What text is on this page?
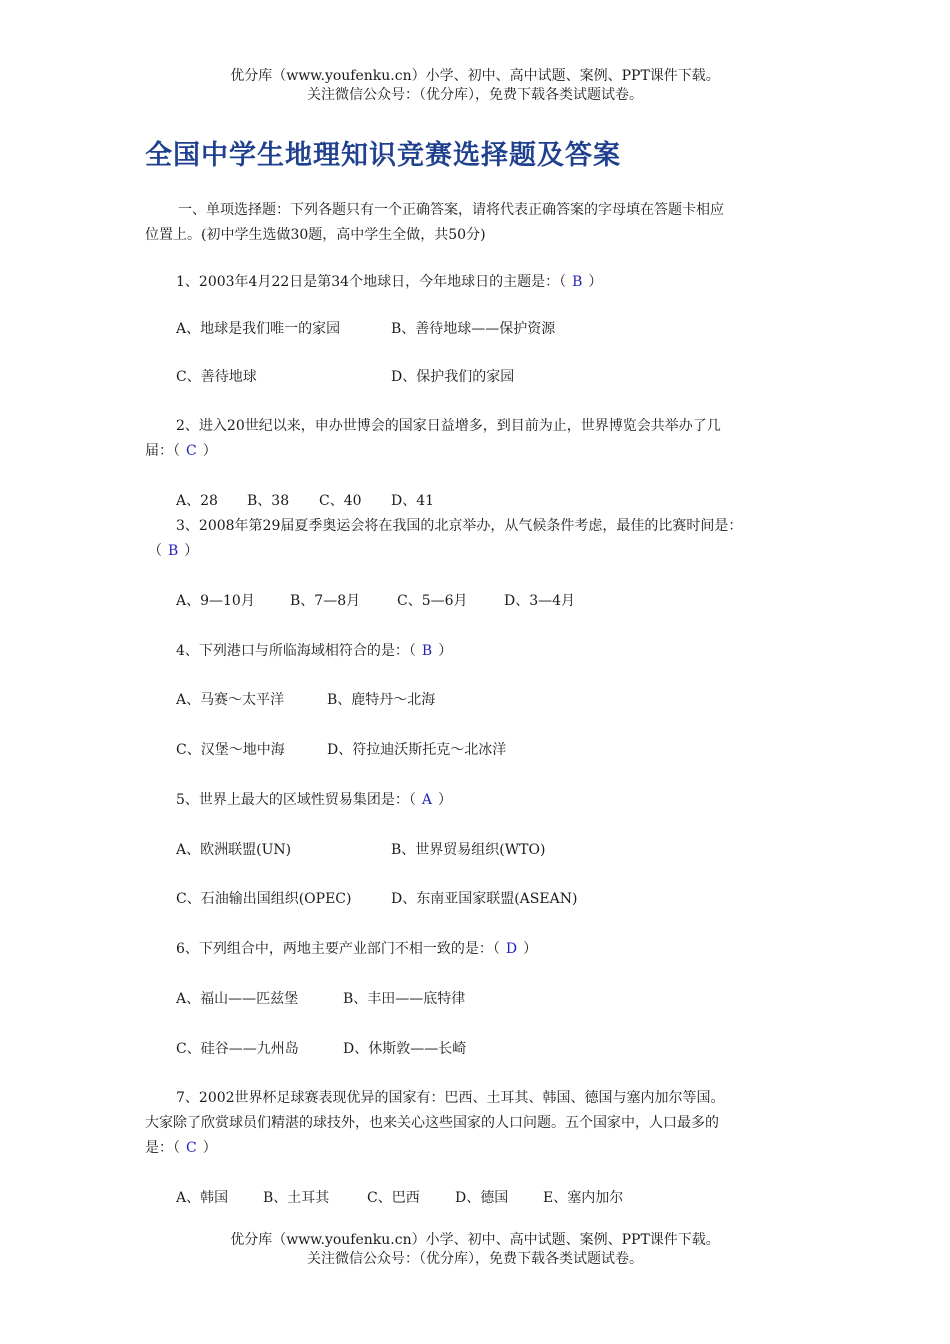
优分库（www.youfenku.cn）小学、初中、高中试题、案例、PPT课件下载。
关注微信公众号：（优分库），免费下载各类试题试卷。
全国中学生地理知识竞赛选择题及答案
一、单项选择题：下列各题只有一个正确答案，请将代表正确答案的字母填在答题卡相应
位置上。(初中学生选做30题，高中学生全做，共50分)
1、2003年4月22日是第34个地球日，今年地球日的主题是：（ B ）
A、地球是我们唯一的家园	B、善待地球——保护资源
C、善待地球	D、保护我们的家园
2、进入20世纪以来，申办世博会的国家日益增多，到目前为止，世界博览会共举办了几
届：（ C ）
A、28 B、38 C、40 D、41
3、2008年第29届夏季奥运会将在我国的北京举办，从气候条件考虑，最佳的比赛时间是：
（ B ）
A、9—10月	B、7—8月	C、5—6月	D、3—4月
4、下列港口与所临海域相符合的是：（ B ）
A、马赛～太平洋	B、鹿特丹～北海
C、汉堡～地中海	D、符拉迪沃斯托克～北冰洋
5、世界上最大的区域性贸易集团是：（ A ）
A、欧洲联盟(UN)	B、世界贸易组织(WTO)
C、石油输出国组织(OPEC)	D、东南亚国家联盟(ASEAN)
6、下列组合中，两地主要产业部门不相一致的是：（ D ）
A、福山——匹兹堡	B、丰田——底特律
C、硅谷——九州岛	D、休斯敦——长崎
7、2002世界杯足球赛表现优异的国家有：巴西、土耳其、韩国、德国与塞内加尔等国。
大家除了欣赏球员们精湛的球技外，也来关心这些国家的人口问题。五个国家中，人口最多的
是：（ C ）
A、韩国 B、土耳其	C、巴西	D、德国 E、塞内加尔
优分库（www.youfenku.cn）小学、初中、高中试题、案例、PPT课件下载。
关注微信公众号：（优分库），免费下载各类试题试卷。
